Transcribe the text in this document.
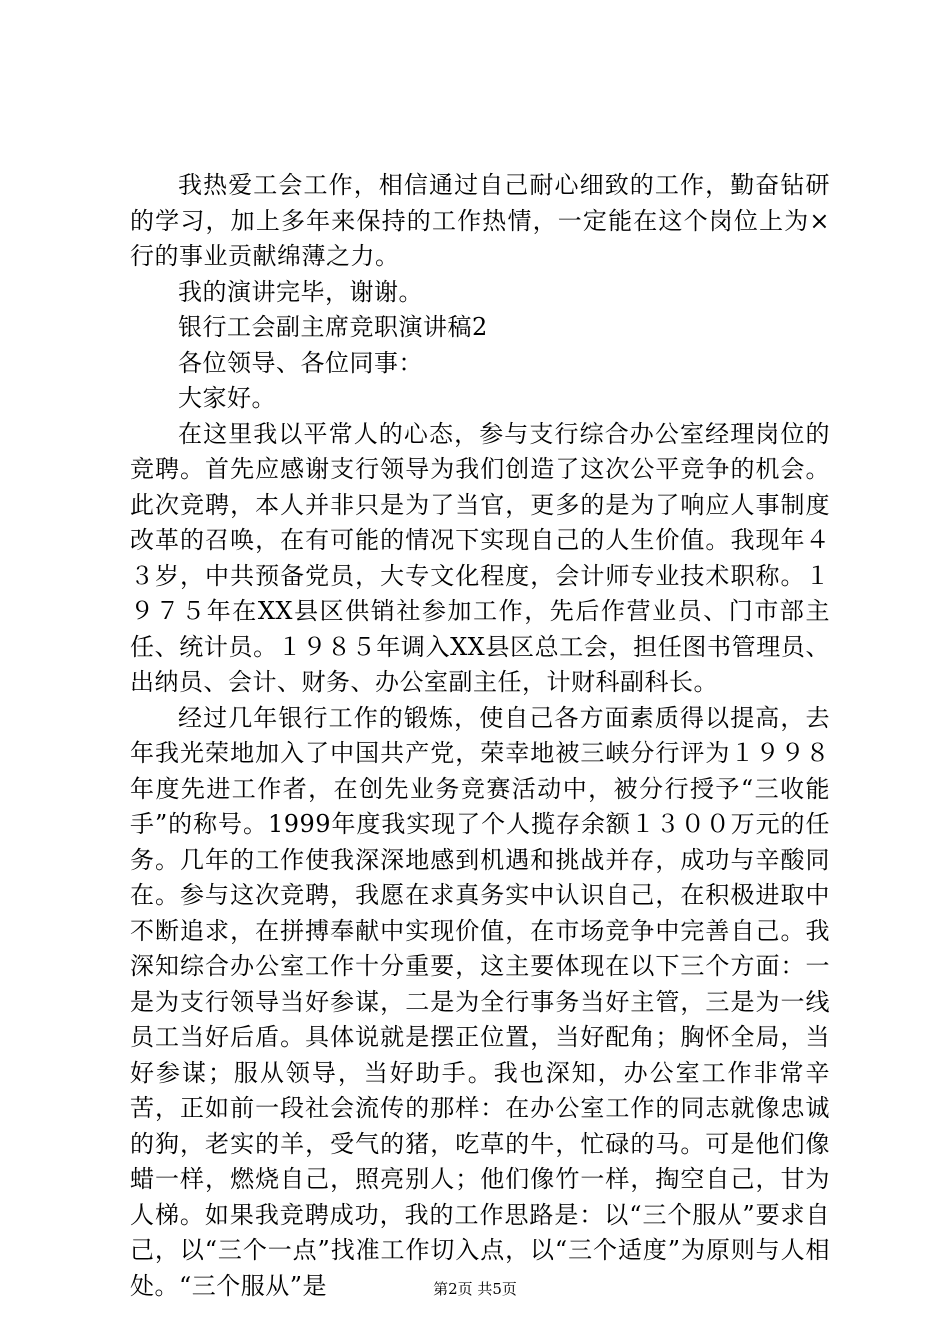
我热爱工会工作，相信通过自己耐心细致的工作，勤奋钻研的学习，加上多年来保持的工作热情，一定能在这个岗位上为×行的事业贡献绵薄之力。

我的演讲完毕，谢谢。

银行工会副主席竞职演讲稿2

各位领导、各位同事：

大家好。

在这里我以平常人的心态，参与支行综合办公室经理岗位的竞聘。首先应感谢支行领导为我们创造了这次公平竞争的机会。此次竞聘，本人并非只是为了当官，更多的是为了响应人事制度改革的召唤，在有可能的情况下实现自己的人生价值。我现年４３岁，中共预备党员，大专文化程度，会计师专业技术职称。１９７５年在XX县区供销社参加工作，先后作营业员、门市部主任、统计员。１９８５年调入XX县区总工会，担任图书管理员、出纳员、会计、财务、办公室副主任，计财科副科长。

经过几年银行工作的锻炼，使自己各方面素质得以提高，去年我光荣地加入了中国共产党，荣幸地被三峡分行评为１９９８年度先进工作者，在创先业务竞赛活动中，被分行授予“三收能手”的称号。1999年度我实现了个人揽存余额１３００万元的任务。几年的工作使我深深地感到机遇和挑战并存，成功与辛酸同在。参与这次竞聘，我愿在求真务实中认识自己，在积极进取中不断追求，在拼搏奉献中实现价值，在市场竞争中完善自己。我深知综合办公室工作十分重要，这主要体现在以下三个方面：一是为支行领导当好参谋，二是为全行事务当好主管，三是为一线员工当好后盾。具体说就是摆正位置，当好配角；胸怀全局，当好参谋；服从领导，当好助手。我也深知，办公室工作非常辛苦，正如前一段社会流传的那样：在办公室工作的同志就像忠诚的狗，老实的羊，受气的猪，吃草的牛，忙碌的马。可是他们像蜡一样，燃烧自己，照亮别人；他们像竹一样，掏空自己，甘为人梯。如果我竞聘成功，我的工作思路是：以“三个服从”要求自己，以“三个一点”找准工作切入点，以“三个适度”为原则与人相处。“三个服从”是	第2页 共5页
